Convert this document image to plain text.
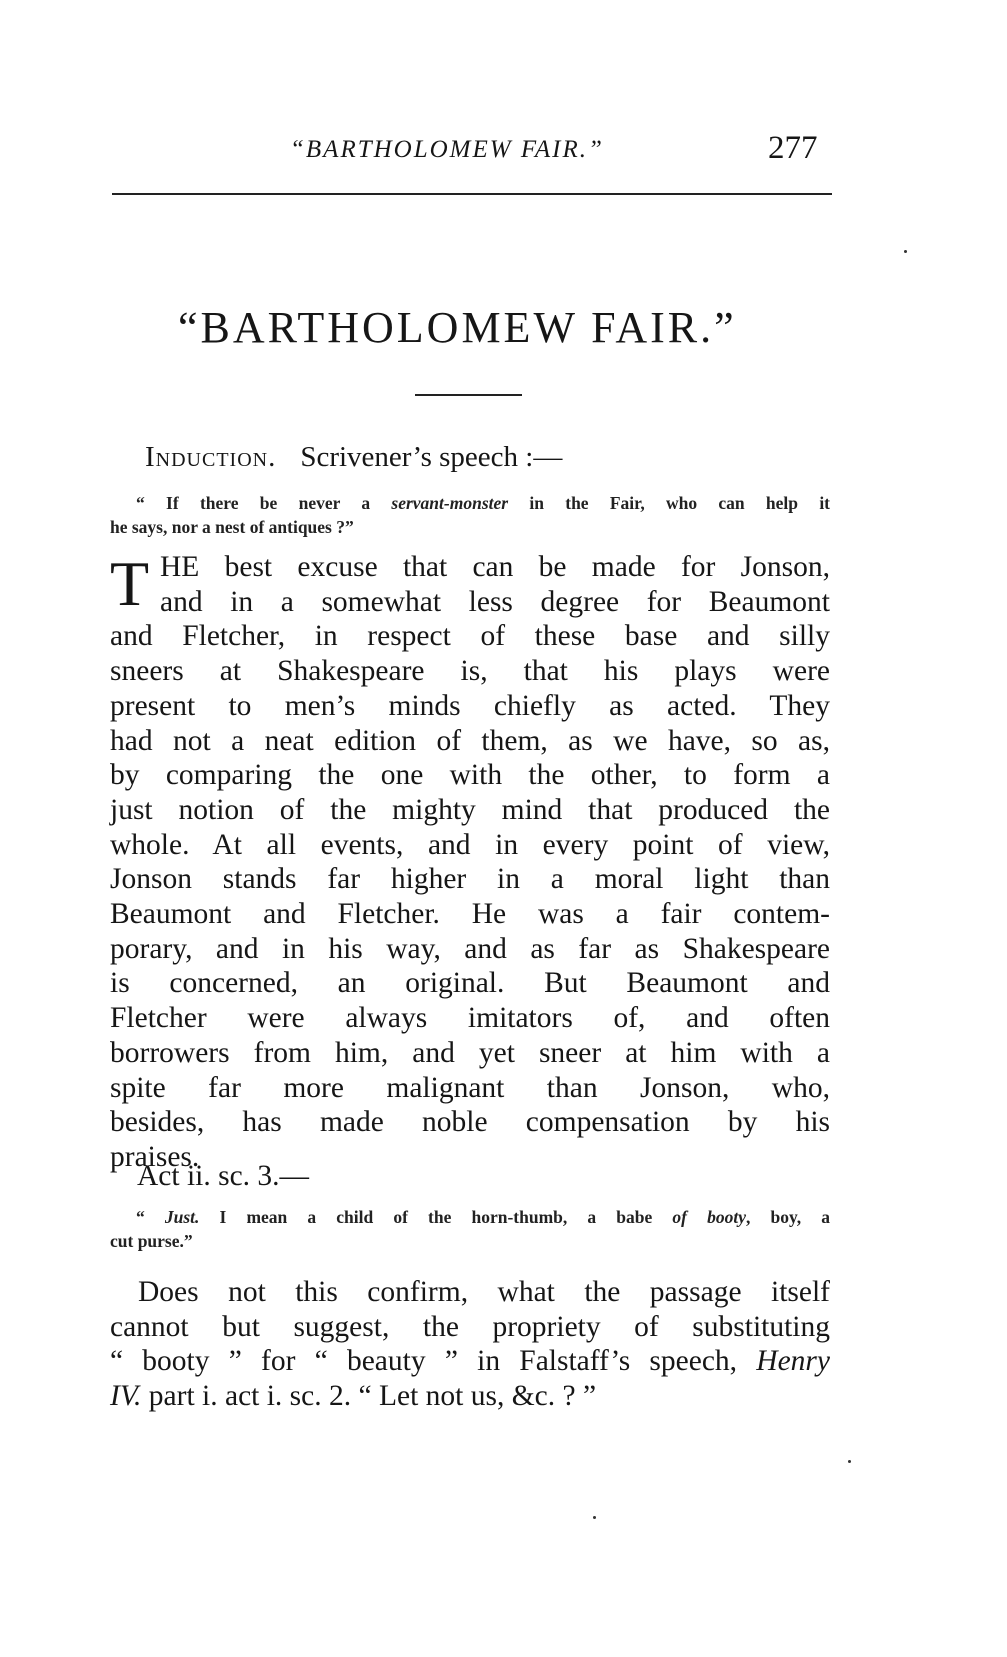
“BARTHOLOMEW FAIR.”	277
“BARTHOLOMEW FAIR.”
Induction. Scrivener’s speech :—
“ If there be never a servant-monster in the Fair, who can help it
he says, nor a nest of antiques ?”
T HE best excuse that can be made for Jonson,
and in a somewhat less degree for Beaumont
and Fletcher, in respect of these base and silly
sneers at Shakespeare is, that his plays were
present to men’s minds chiefly as acted. They
had not a neat edition of them, as we have, so as,
by comparing the one with the other, to form a
just notion of the mighty mind that produced the
whole. At all events, and in every point of view,
Jonson stands far higher in a moral light than
Beaumont and Fletcher. He was a fair contem-
porary, and in his way, and as far as Shakespeare
is concerned, an original. But Beaumont and
Fletcher were always imitators of, and often
borrowers from him, and yet sneer at him with a
spite far more malignant than Jonson, who,
besides, has made noble compensation by his
praises.
Act ii. sc. 3.—
“ Just. I mean a child of the horn-thumb, a babe of booty, boy, a
cut purse.”
Does not this confirm, what the passage itself
cannot but suggest, the propriety of substituting
“ booty ” for “ beauty ” in Falstaff’s speech, Henry
IV. part i. act i. sc. 2. “ Let not us, &c. ? ”
